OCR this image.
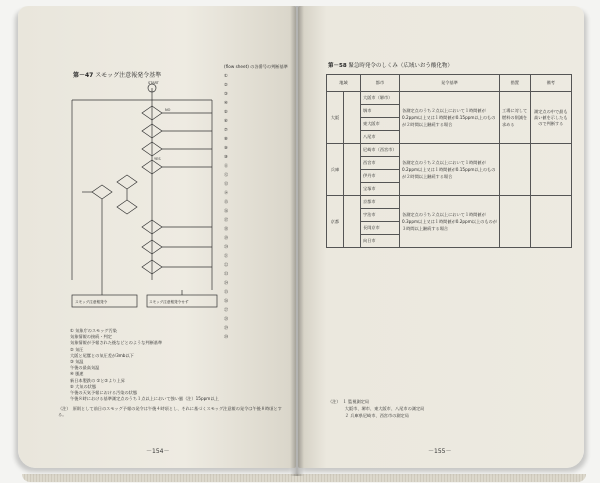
第－47 スモッグ注意報発令基準
START
YES
NO
スモッグ注意報発令	スモッグ注意報発令せず
(flow sheet) の各番号の判断基準
①
②
③
④
⑤
⑥
⑦
⑧
⑨
⑩
⑪
⑫
⑬
⑭
⑮
⑯
⑰
⑱
⑲
⑳
㉑
㉒
㉓
㉔
㉕
㉖
㉗
㉘
㉙
㉚
① 気象庁のスモッグ汚染
気象情報の接続・判定
気象情報が予報された後などとのような判断基準
② 気圧
大阪と尾鷲との気圧差が3mb以下
③ 気温
午後の最高気温
④ 風速
新日本製鉄の ①と②より上昇
⑤ 大気の状態
午後の天気予報における汚染の状態
午後８時における基準測定点のうち１点以上において強い風（注）15ppm以上
（注）　原則として前日のスモッグ予報の発令は午後４時頃とし、それに基づくスモッグ注意報の発令は午後８時頃とする。
－154－
第－58 緊急時発令のしくみ（広域いおう酸化物）
地域		都市	発令基準	措置	備考
大阪		大阪市（堺市）	各測定点のうち２点以上において１時間値が0.2ppm以上又は１時間値が0.15ppm以上のものが２時間以上継続する場合	工場に対して燃料の削減を求める	測定点の中で最も高い値を示したもので判断する
		堺市			
		東大阪市			
		八尾市			
兵庫		尼崎市（西宮市）	各測定点のうち２点以上において１時間値が0.2ppm以上又は１時間値が0.15ppm以上のものが２時間以上継続する場合		
		西宮市			
		伊丹市			
		宝塚市			
京都		京都市	各測定点のうち２点以上において１時間値が0.3ppm以上又は１時間値が0.2ppm以上のものが３時間以上継続する場合		
		宇治市			
		長岡京市			
		向日市			
（注）　１ 監視測定局
　　　　大阪市、堺市、東大阪市、八尾市の測定局
　　　　２ 兵庫県尼崎市、西宮市の測定局
－155－
